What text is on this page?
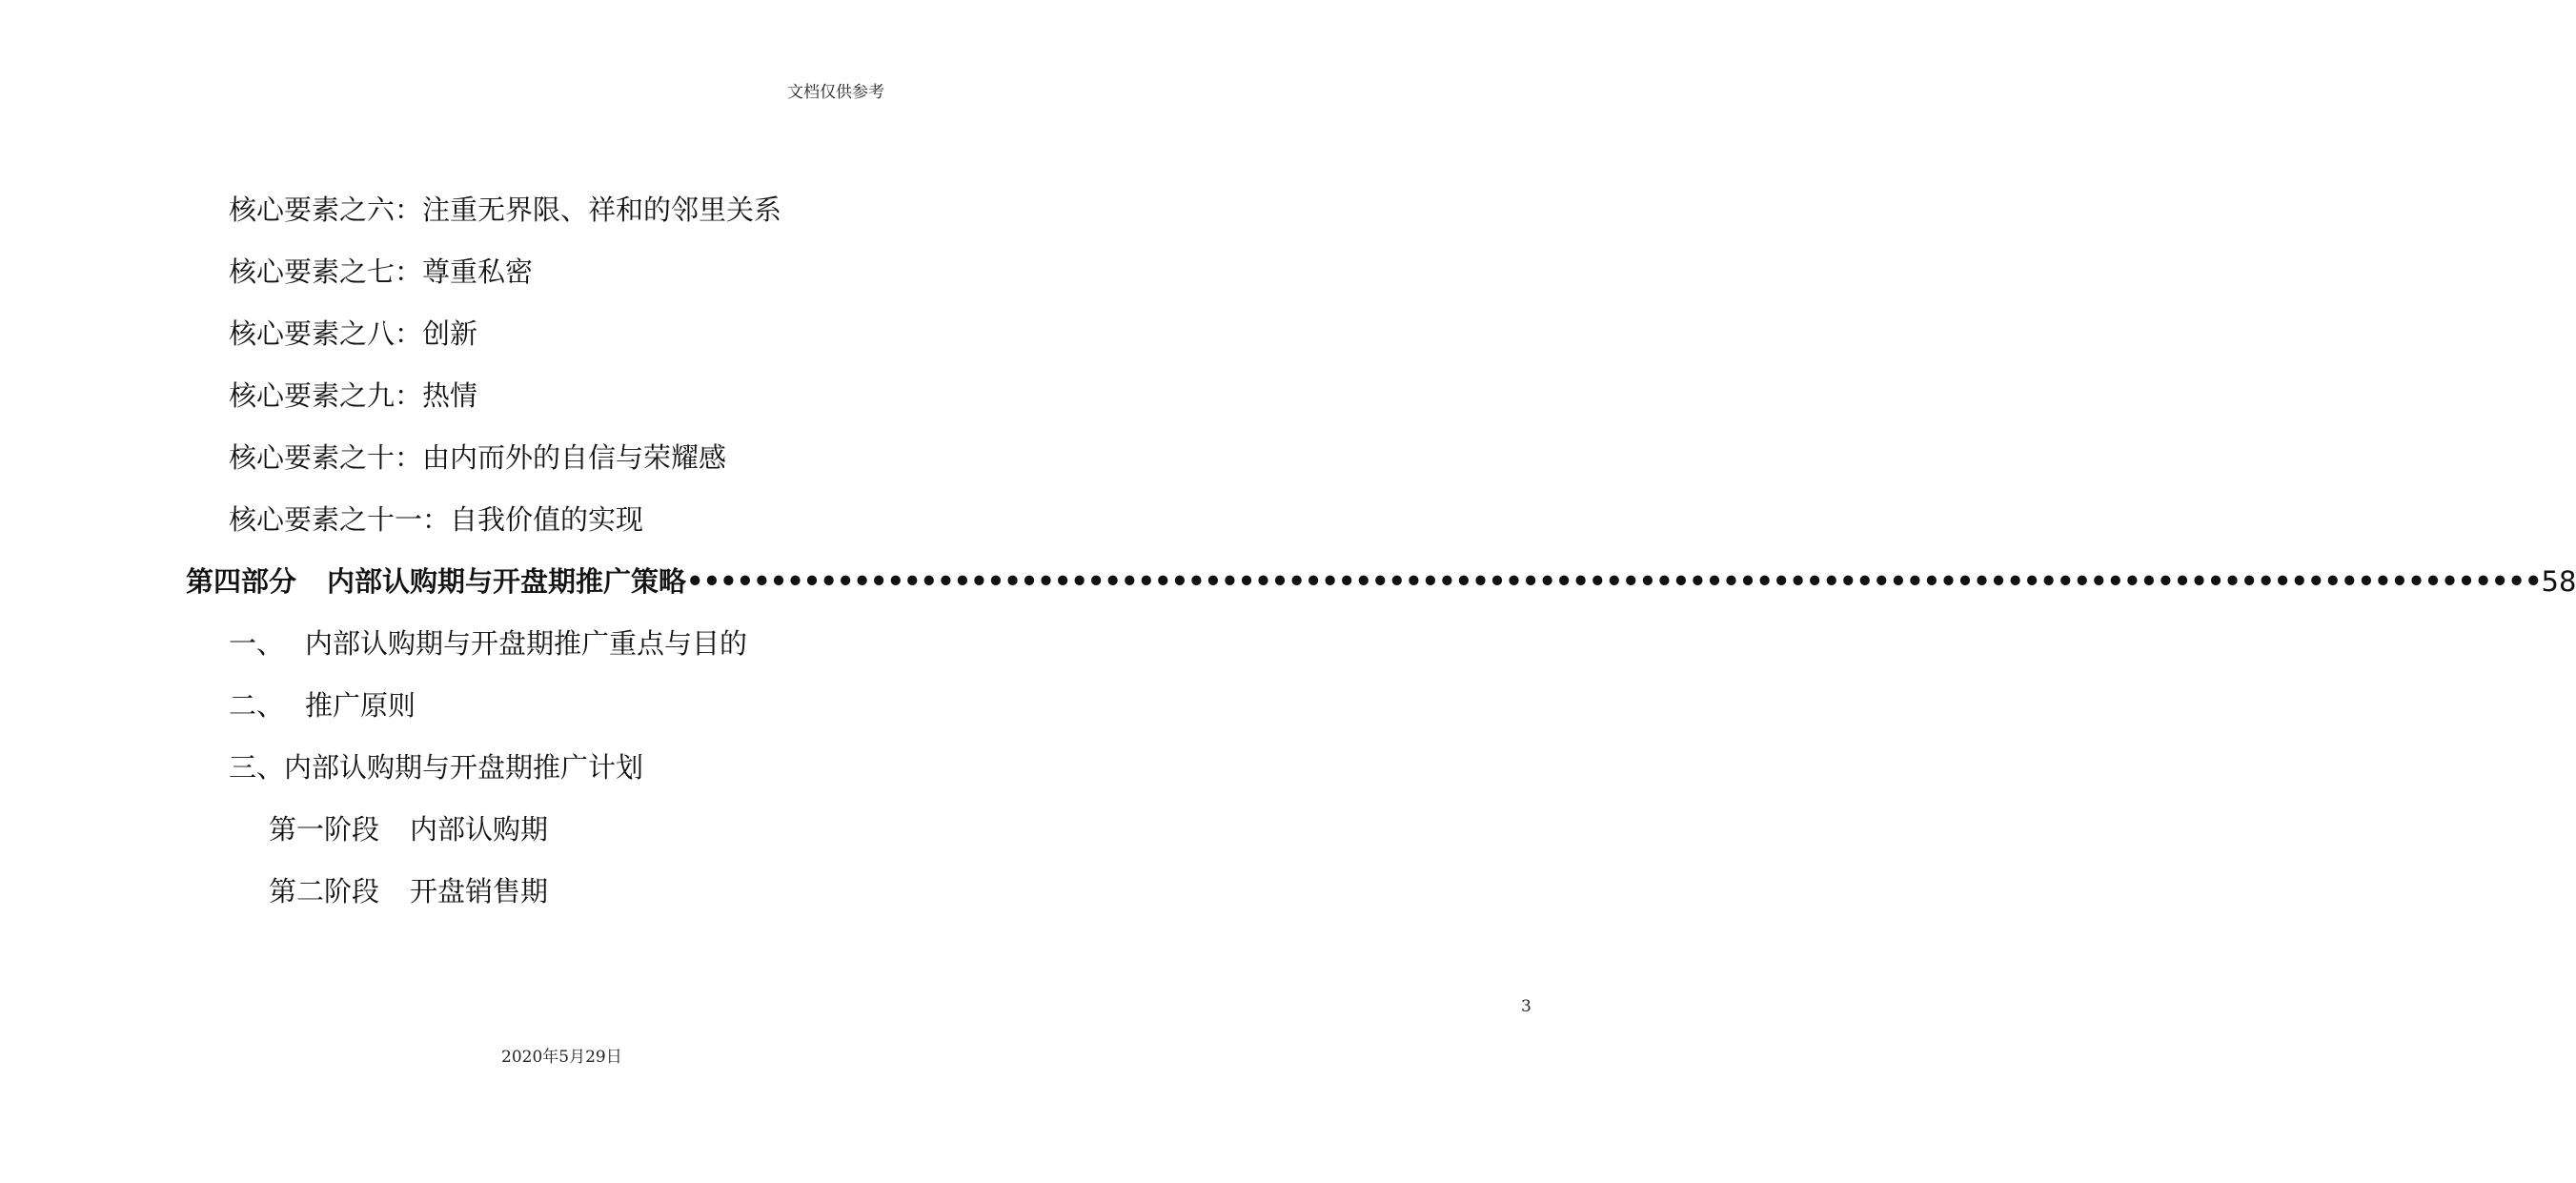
文档仅供参考
核心要素之六：注重无界限、祥和的邻里关系
核心要素之七：尊重私密
核心要素之八：创新
核心要素之九：热情
核心要素之十：由内而外的自信与荣耀感
核心要素之十一：自我价值的实现
第四部分 内部认购期与开盘期推广策略 ••••••••••••••••••••••••••••••••••••••••••••••••••••••••••••••••••••••••••••••••••••••••••••••••••••••••••••••• 58
一、 内部认购期与开盘期推广重点与目的
二、 推广原则
三、内部认购期与开盘期推广计划
第一阶段 内部认购期
第二阶段 开盘销售期
3
2020年5月29日
